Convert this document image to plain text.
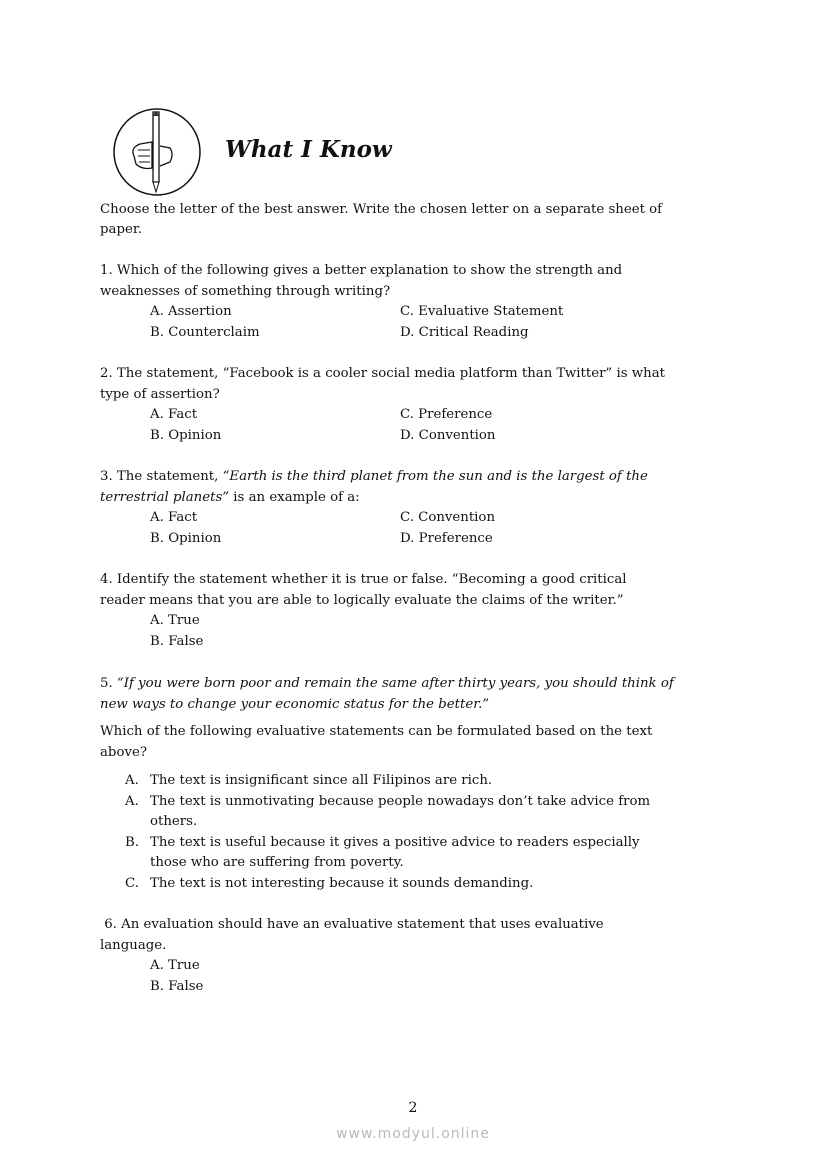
What I Know
Choose the letter of the best answer. Write the chosen letter on a separate sheet of
paper.
1. Which of the following gives a better explanation to show the strength and
weaknesses of something through writing?
A. Assertion	C. Evaluative Statement
B. Counterclaim	D. Critical Reading
2. The statement, “Facebook is a cooler social media platform than Twitter” is what
type of assertion?
A. Fact	C. Preference
B. Opinion	D. Convention
3. The statement, “Earth is the third planet from the sun and is the largest of the
terrestrial planets” is an example of a:
A. Fact	C. Convention
B. Opinion	D. Preference
4. Identify the statement whether it is true or false. “Becoming a good critical
reader means that you are able to logically evaluate the claims of the writer.”
A. True
B. False
5. “If you were born poor and remain the same after thirty years, you should think of
new ways to change your economic status for the better.”
Which of the following evaluative statements can be formulated based on the text
above?
A. The text is insignificant since all Filipinos are rich.
A. The text is unmotivating because people nowadays don’t take advice from
others.
B. The text is useful because it gives a positive advice to readers especially
those who are suffering from poverty.
C. The text is not interesting because it sounds demanding.
6. An evaluation should have an evaluative statement that uses evaluative
language.
A. True
B. False
2
www.modyul.online
